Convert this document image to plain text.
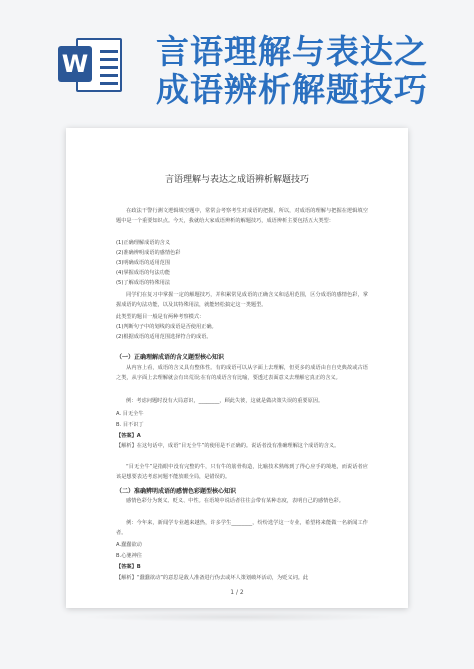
W 言语理解与表达之
成语辨析解题技巧
言语理解与表达之成语辨析解题技巧
在政法干警行测文逻辑填空题中，常常会考察考生对成语的把握，所以，对成语的理解与把握在逻辑填空题中是一个重要知识点。今天，我就给大家成语辨析的解题技巧，成语辨析主要包括五大类型：
(1)正确理解成语的含义
(2)准确辨明成语的感情色彩
(3)明确成语的适用范围
(4)掌握成语的句法功能
(5)了解成语的特殊用法
同学们在复习中掌握一定的解题技巧，并积累常见成语的正确含义和适用范围，区分成语的感情色彩，掌握成语的句法功能，以及其特殊用法，就能轻松搞定这一类题型。
此类型的题目一般是有两种考察模式：
(1)判断句子中的划线的成语是否使用正确。
(2)根据成语的适用范围选择符合的成语。
（一）正确理解成语的含义题型核心知识
从内容上看，成语的含义具有整体性。有的成语可以从字面上去理解，但更多的成语由自自史典故或古语之类，从字面上去理解就会有出荒误;在有的成语含有比喻，要透过表面意义去理解它真正的含义。
例：考虑问题时没有大局意识，________，顾此失彼，这就是做决策失误的重要原因。
A. 目无全牛
B. 目不识丁
【答案】A
【解析】在这句话中，成语“目无全牛”的使用是不正确的。说话者没有准确理解这个成语的含义。
“目无全牛”是指眼中没有完整的牛，只有牛的筋骨构造，比喻技术熟练到了得心应手的境地，而说话者应该是想要表达考虑问题不能放眼全局，是错误的。
（二）准确辨明成语的感情色彩题型核心知识
感情色彩分为褒义、贬义、中性。在语境中说话者往往会带有某种态度，表明自己的感情色彩。
例：今年来，新闻学专业越来越热，许多学生________，纷纷选学这一专业，希望将来能做一名新闻工作者。
A.蠢蠢欲动
B.心驰神往
【答案】B
【解析】“蠢蠢欲动”的意思是敌人准备进行伪去或坏人策划破坏活动，为贬义词。此
1 / 2
